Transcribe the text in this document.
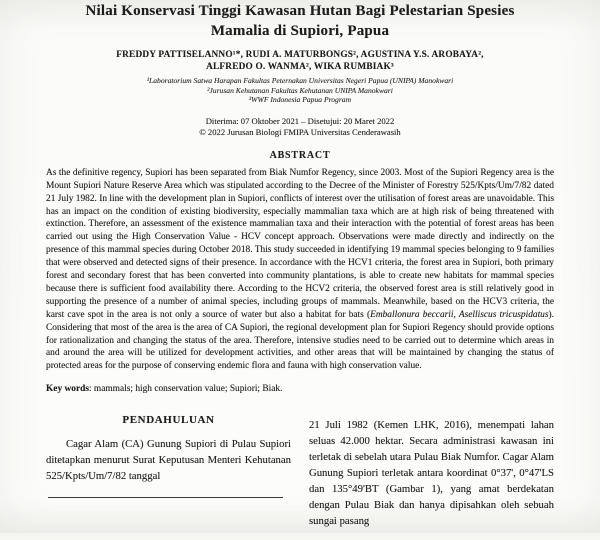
Nilai Konservasi Tinggi Kawasan Hutan Bagi Pelestarian Spesies
Mamalia di Supiori, Papua
FREDDY PATTISELANNO¹*, RUDI A. MATURBONGS², AGUSTINA Y.S. AROBAYA²,
ALFREDO O. WANMA², WIKA RUMBIAK³
¹Laboratorium Satwa Harapan Fakultas Peternakan Universitas Negeri Papua (UNIPA) Manokwari
²Jurusan Kehutanan Fakultas Kehutanan UNIPA Manokwari
³WWF Indonesia Papua Program
Diterima: 07 Oktober 2021 – Disetujui: 20 Maret 2022
© 2022 Jurusan Biologi FMIPA Universitas Cenderawasih
ABSTRACT

As the definitive regency, Supiori has been separated from Biak Numfor Regency, since 2003. Most of the Supiori Regency area is the Mount Supiori Nature Reserve Area which was stipulated according to the Decree of the Minister of Forestry 525/Kpts/Um/7/82 dated 21 July 1982. In line with the development plan in Supiori, conflicts of interest over the utilisation of forest areas are unavoidable. This has an impact on the condition of existing biodiversity, especially mammalian taxa which are at high risk of being threatened with extinction. Therefore, an assessment of the existence mammalian taxa and their interaction with the potential of forest areas has been carried out using the High Conservation Value - HCV concept approach. Observations were made directly and indirectly on the presence of this mammal species during October 2018. This study succeeded in identifying 19 mammal species belonging to 9 families that were observed and detected signs of their presence. In accordance with the HCV1 criteria, the forest area in Supiori, both primary forest and secondary forest that has been converted into community plantations, is able to create new habitats for mammal species because there is sufficient food availability there. According to the HCV2 criteria, the observed forest area is still relatively good in supporting the presence of a number of animal species, including groups of mammals. Meanwhile, based on the HCV3 criteria, the karst cave spot in the area is not only a source of water but also a habitat for bats (Emballonura beccarii, Aselliscus tricuspidatus). Considering that most of the area is the area of CA Supiori, the regional development plan for Supiori Regency should provide options for rationalization and changing the status of the area. Therefore, intensive studies need to be carried out to determine which areas in and around the area will be utilized for development activities, and other areas that will be maintained by changing the status of protected areas for the purpose of conserving endemic flora and fauna with high conservation value.

Key words: mammals; high conservation value; Supiori; Biak.

PENDAHULUAN

Cagar Alam (CA) Gunung Supiori di Pulau Supiori ditetapkan menurut Surat Keputusan Menteri Kehutanan 525/Kpts/Um/7/82 tanggal

21 Juli 1982 (Kemen LHK, 2016), menempati lahan seluas 42.000 hektar. Secara administrasi kawasan ini terletak di sebelah utara Pulau Biak Numfor. Cagar Alam Gunung Supiori terletak antara koordinat 0°37', 0°47'LS dan 135°49'BT (Gambar 1), yang amat berdekatan dengan Pulau Biak dan hanya dipisahkan oleh sebuah sungai pasang
